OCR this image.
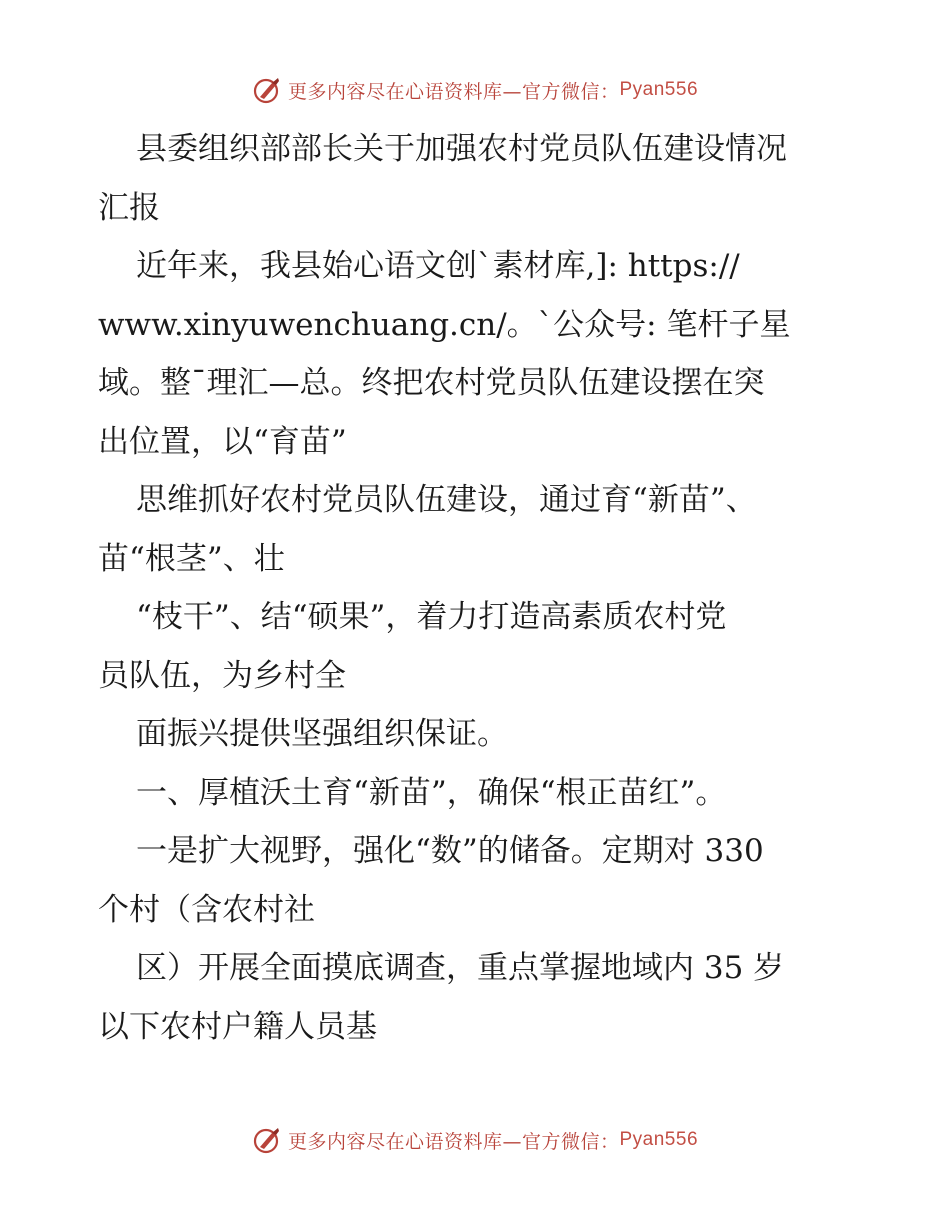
更多内容尽在心语资料库—官方微信： Pyan556
县委组织部部长关于加强农村党员队伍建设情况
汇报
近年来，我县始心语文创`素材库,]: https://
www.xinyuwenchuang.cn/。`公众号: 笔杆子星
域。整¯理汇—总。终把农村党员队伍建设摆在突
出位置，以“育苗”
思维抓好农村党员队伍建设，通过育“新苗”、
苗“根茎”、壮
“枝干”、结“硕果”，着力打造高素质农村党
员队伍，为乡村全
面振兴提供坚强组织保证。
一、厚植沃土育“新苗”，确保“根正苗红”。
一是扩大视野，强化“数”的储备。定期对 330
个村（含农村社
区）开展全面摸底调查，重点掌握地域内 35 岁
以下农村户籍人员基
更多内容尽在心语资料库—官方微信： Pyan556
